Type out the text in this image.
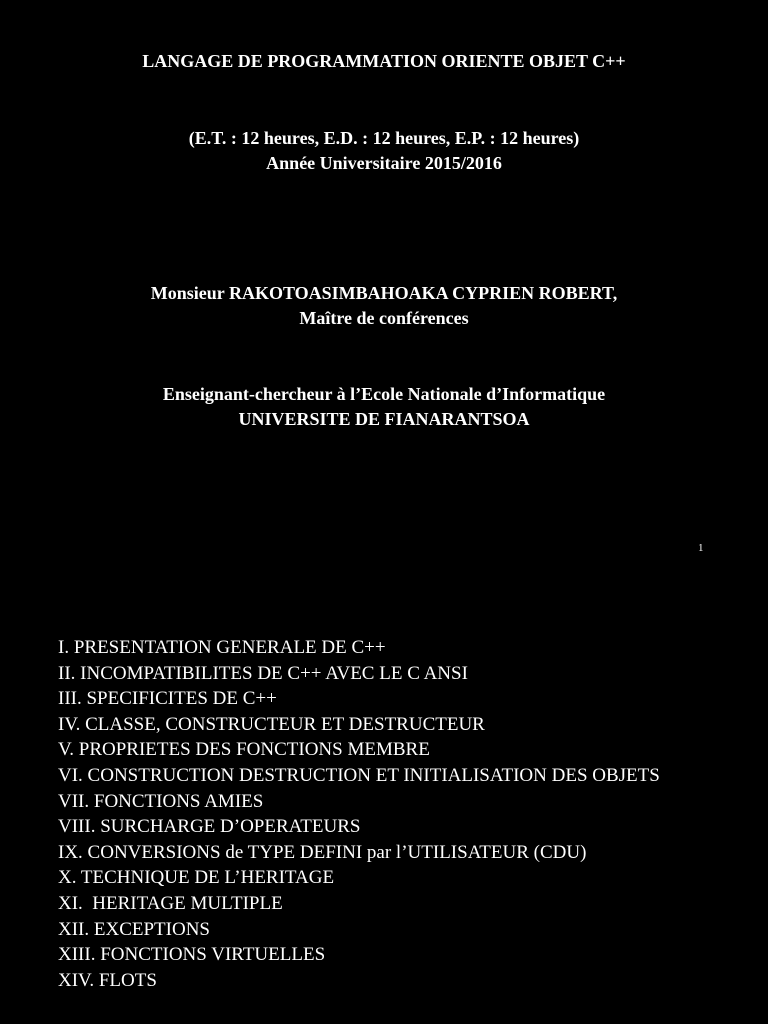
LANGAGE DE PROGRAMMATION ORIENTE OBJET C++
(E.T. : 12 heures, E.D. : 12 heures, E.P. : 12 heures)
Année Universitaire 2015/2016
Monsieur RAKOTOASIMBAHOAKA CYPRIEN ROBERT,
Maître de conférences
Enseignant-chercheur à l’Ecole Nationale d’Informatique
UNIVERSITE DE FIANARANTSOA
1
I. PRESENTATION GENERALE DE C++
II. INCOMPATIBILITES DE C++ AVEC LE C ANSI
III. SPECIFICITES DE C++
IV. CLASSE, CONSTRUCTEUR ET DESTRUCTEUR
V. PROPRIETES DES FONCTIONS MEMBRE
VI. CONSTRUCTION DESTRUCTION ET INITIALISATION DES OBJETS
VII. FONCTIONS AMIES
VIII. SURCHARGE D’OPERATEURS
IX. CONVERSIONS de TYPE DEFINI par l’UTILISATEUR (CDU)
X. TECHNIQUE DE L’HERITAGE
XI.  HERITAGE MULTIPLE
XII. EXCEPTIONS
XIII. FONCTIONS VIRTUELLES
XIV. FLOTS
